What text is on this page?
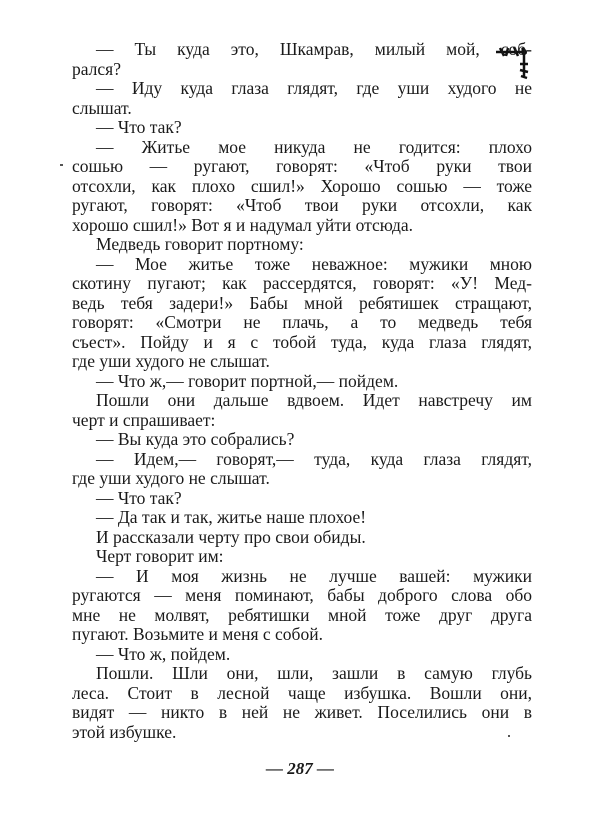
— Ты куда это, Шкамрав, милый мой, соб-
рался?
— Иду куда глаза глядят, где уши худого не
слышат.
— Что так?
— Житье мое никуда не годится: плохо
сошью — ругают, говорят: «Чтоб руки твои
отсохли, как плохо сшил!» Хорошо сошью — тоже
ругают, говорят: «Чтоб твои руки отсохли, как
хорошо сшил!» Вот я и надумал уйти отсюда.
Медведь говорит портному:
— Мое житье тоже неважное: мужики мною
скотину пугают; как рассердятся, говорят: «У! Мед-
ведь тебя задери!» Бабы мной ребятишек стращают,
говорят: «Смотри не плачь, а то медведь тебя
съест». Пойду и я с тобой туда, куда глаза глядят,
где уши худого не слышат.
— Что ж,— говорит портной,— пойдем.
Пошли они дальше вдвоем. Идет навстречу им
черт и спрашивает:
— Вы куда это собрались?
— Идем,— говорят,— туда, куда глаза глядят,
где уши худого не слышат.
— Что так?
— Да так и так, житье наше плохое!
И рассказали черту про свои обиды.
Черт говорит им:
— И моя жизнь не лучше вашей: мужики
ругаются — меня поминают, бабы доброго слова обо
мне не молвят, ребятишки мной тоже друг друга
пугают. Возьмите и меня с собой.
— Что ж, пойдем.
Пошли. Шли они, шли, зашли в самую глубь
леса. Стоит в лесной чаще избушка. Вошли они,
видят — никто в ней не живет. Поселились они в
этой избушке.
— 287 —
